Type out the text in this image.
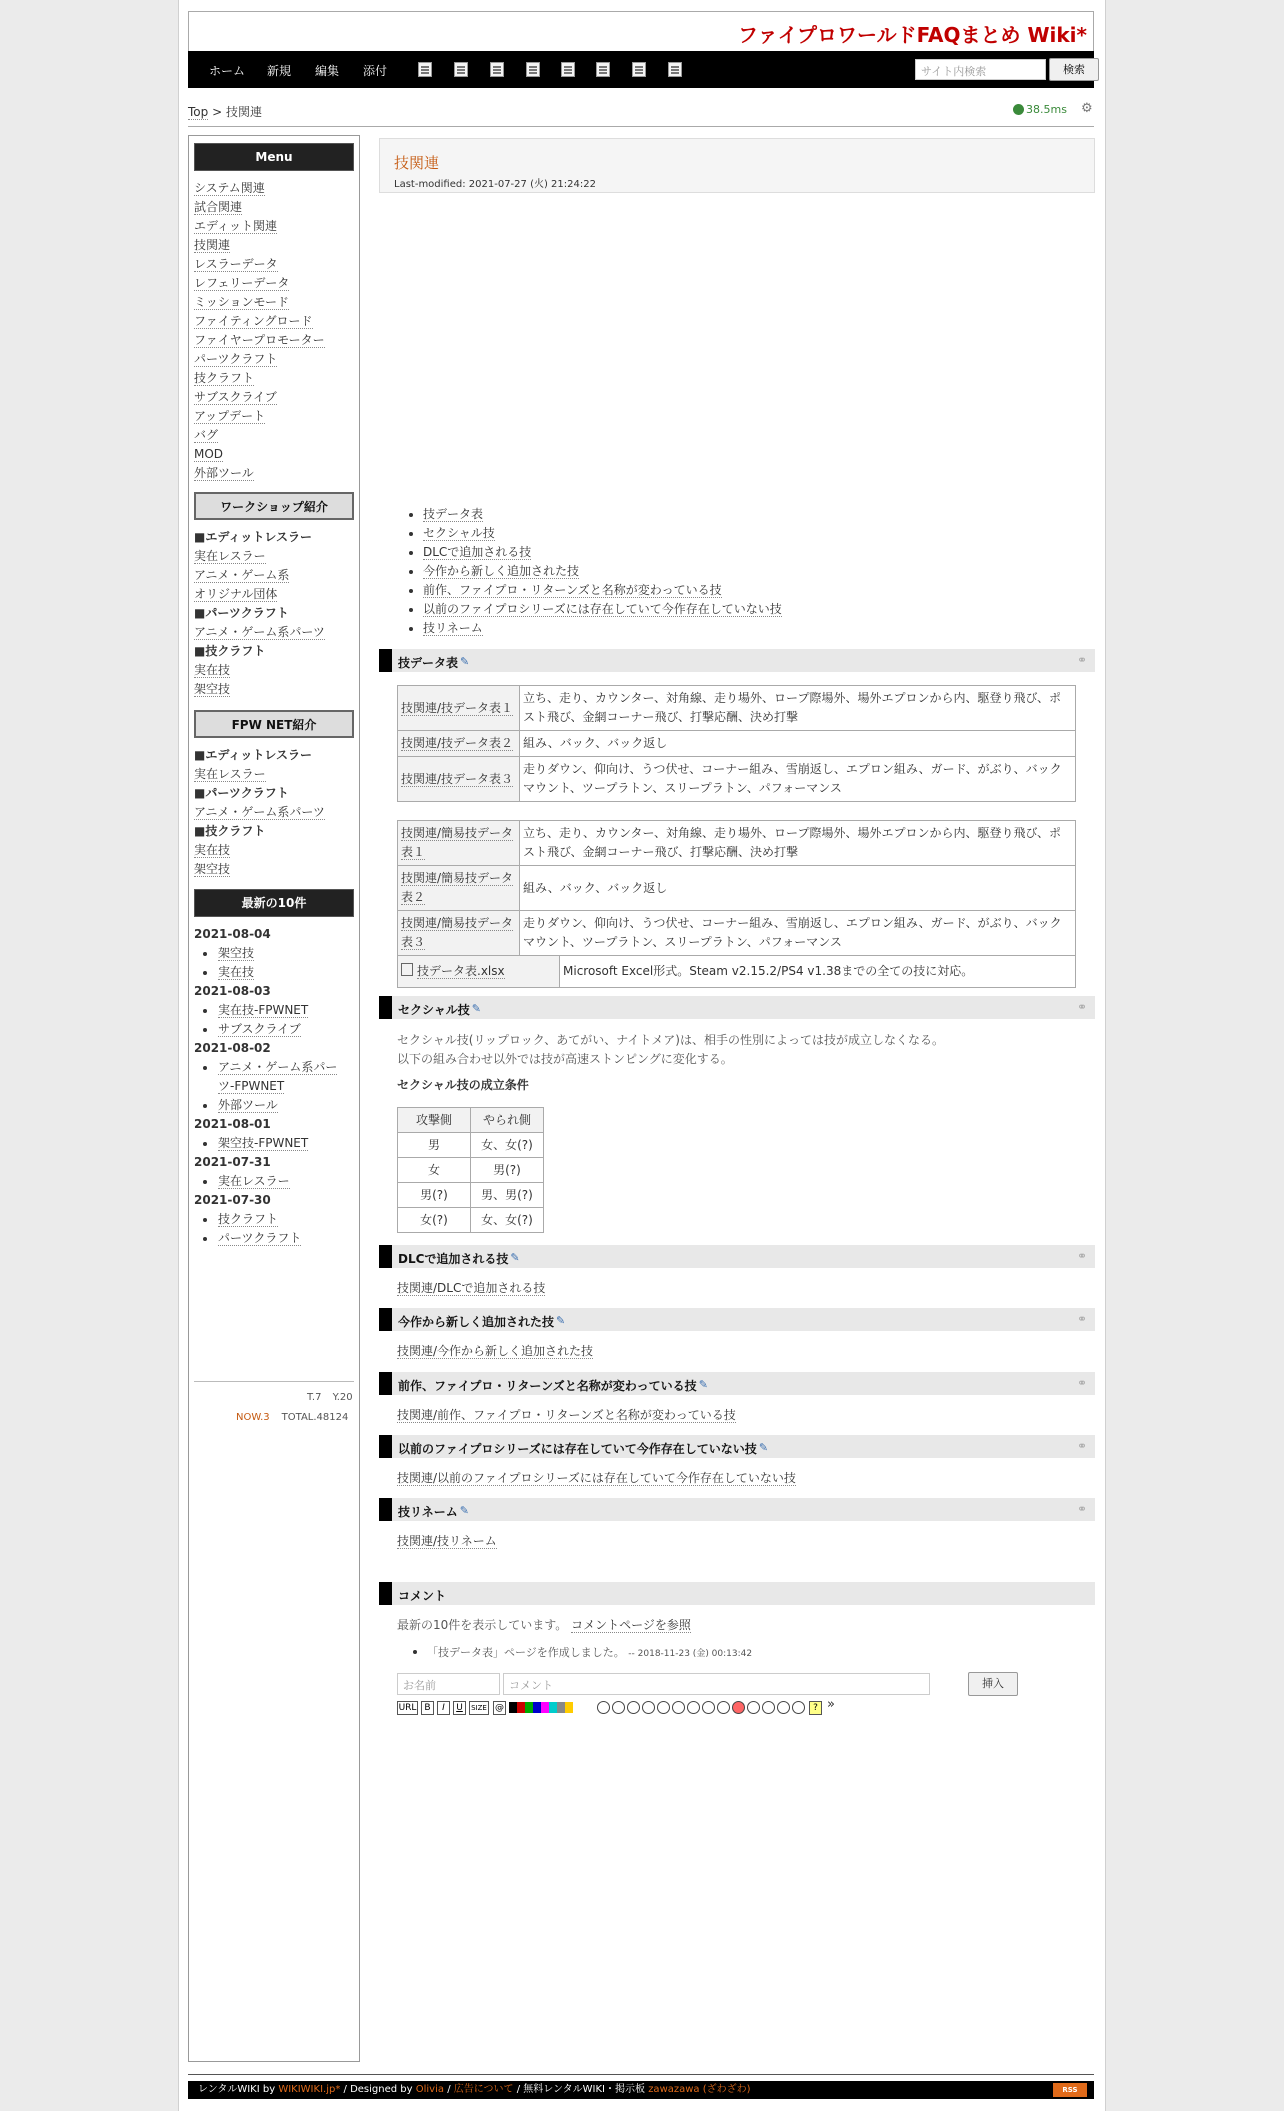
ファイプロワールドFAQまとめ Wiki*
ホーム 新規 編集 添付	サイト内検索	検索
Top > 技関連	38.5ms ⚙
Menu
システム関連
試合関連
エディット関連
技関連
レスラーデータ
レフェリーデータ
ミッションモード
ファイティングロード
ファイヤープロモーター
パーツクラフト
技クラフト
サブスクライブ
アップデート
バグ
MOD
外部ツール
ワークショップ紹介
■エディットレスラー
実在レスラー
アニメ・ゲーム系
オリジナル団体
■パーツクラフト
アニメ・ゲーム系パーツ
■技クラフト
実在技
架空技
FPW NET紹介
■エディットレスラー
実在レスラー
■パーツクラフト
アニメ・ゲーム系パーツ
■技クラフト
実在技
架空技
最新の10件
2021-08-04
架空技
実在技
2021-08-03
実在技-FPWNET
サブスクライブ
2021-08-02
アニメ・ゲーム系パー
ツ-FPWNET
外部ツール
2021-08-01
架空技-FPWNET
2021-07-31
実在レスラー
2021-07-30
技クラフト
パーツクラフト
T.7 Y.20
NOW.3 TOTAL.48124
技関連
Last-modified: 2021-07-27 (火) 21:24:22
技データ表
セクシャル技
DLCで追加される技
今作から新しく追加された技
前作、ファイプロ・リターンズと名称が変わっている技
以前のファイプロシリーズには存在していて今作存在していない技
技リネーム
技データ表 ✎	⚭
技関連/技データ表１	立ち、走り、カウンター、対角線、走り場外、ロープ際場外、場外エプロンから内、駆登り飛び、ポスト飛び、金網コーナー飛び、打撃応酬、決め打撃
技関連/技データ表２	組み、バック、バック返し
技関連/技データ表３	走りダウン、仰向け、うつ伏せ、コーナー組み、雪崩返し、エプロン組み、ガード、がぶり、バックマウント、ツープラトン、スリープラトン、パフォーマンス
技関連/簡易技データ表１	立ち、走り、カウンター、対角線、走り場外、ロープ際場外、場外エプロンから内、駆登り飛び、ポスト飛び、金網コーナー飛び、打撃応酬、決め打撃
技関連/簡易技データ表２	組み、バック、バック返し
技関連/簡易技データ表３	走りダウン、仰向け、うつ伏せ、コーナー組み、雪崩返し、エプロン組み、ガード、がぶり、バックマウント、ツープラトン、スリープラトン、パフォーマンス
技データ表.xlsx	Microsoft Excel形式。Steam v2.15.2/PS4 v1.38までの全ての技に対応。
セクシャル技 ✎	⚭
セクシャル技(リップロック、あてがい、ナイトメア)は、相手の性別によっては技が成立しなくなる。
以下の組み合わせ以外では技が高速ストンピングに変化する。
セクシャル技の成立条件
攻撃側	やられ側
男	女、女(?)
女	男(?)
男(?)	男、男(?)
女(?)	女、女(?)
DLCで追加される技 ✎	⚭
技関連/DLCで追加される技
今作から新しく追加された技 ✎	⚭
技関連/今作から新しく追加された技
前作、ファイプロ・リターンズと名称が変わっている技 ✎	⚭
技関連/前作、ファイプロ・リターンズと名称が変わっている技
以前のファイプロシリーズには存在していて今作存在していない技 ✎	⚭
技関連/以前のファイプロシリーズには存在していて今作存在していない技
技リネーム ✎	⚭
技関連/技リネーム
コメント
最新の10件を表示しています。 コメントページを参照
「技データ表」ページを作成しました。 -- 2018-11-23 (金) 00:13:42
お名前	コメント	挿入
URL B	I	U	SIZE @	? »
レンタルWIKI by WIKIWIKI.jp* / Designed by Olivia / 広告について / 無料レンタルWIKI・掲示板 zawazawa (ざわざわ)	RSS FEED
